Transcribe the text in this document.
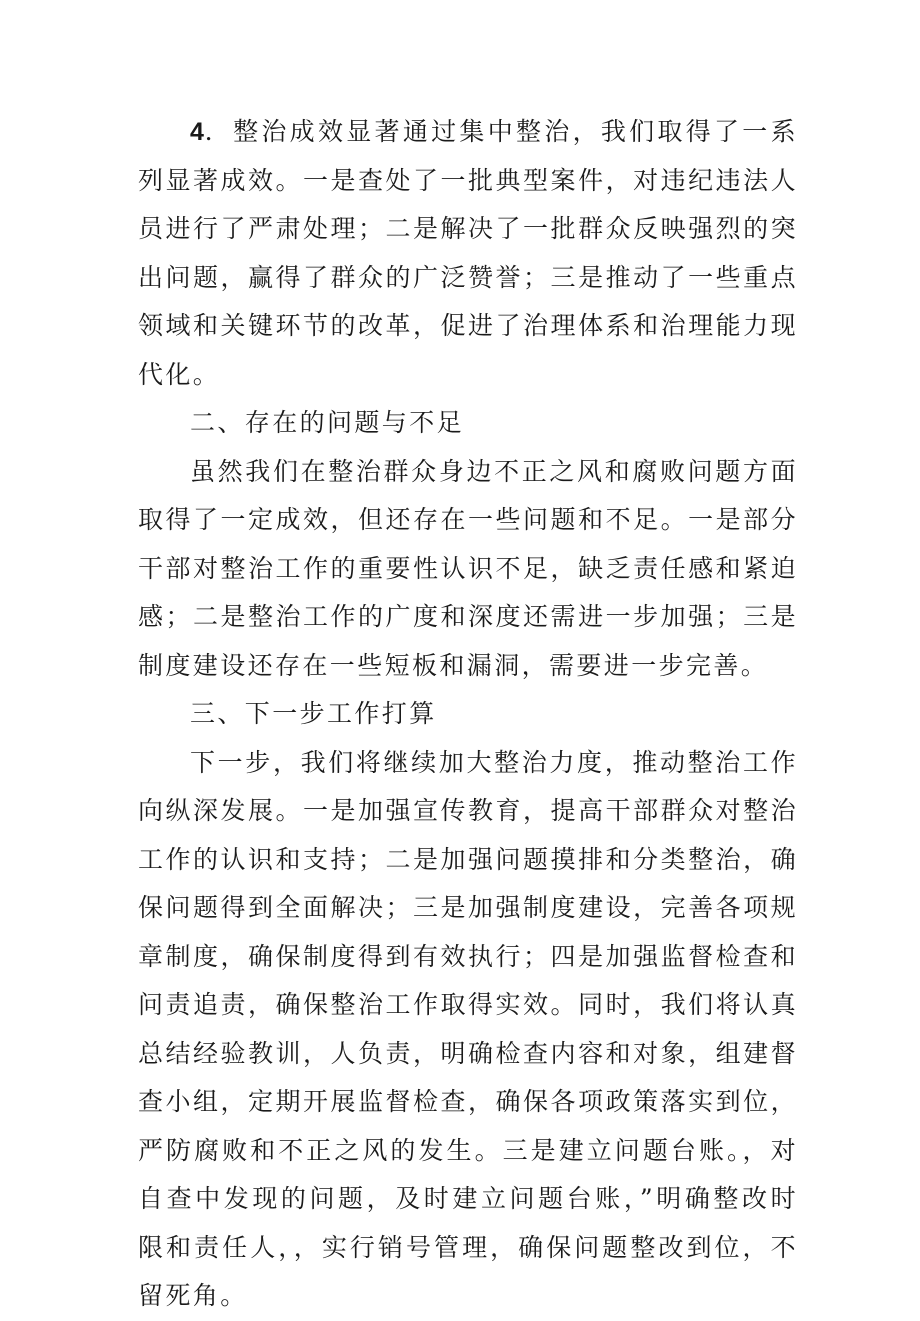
4．整治成效显著通过集中整治，我们取得了一系列显著成效。一是查处了一批典型案件，对违纪违法人员进行了严肃处理；二是解决了一批群众反映强烈的突出问题，赢得了群众的广泛赞誉；三是推动了一些重点领域和关键环节的改革，促进了治理体系和治理能力现代化。

二、存在的问题与不足

虽然我们在整治群众身边不正之风和腐败问题方面取得了一定成效，但还存在一些问题和不足。一是部分干部对整治工作的重要性认识不足，缺乏责任感和紧迫感；二是整治工作的广度和深度还需进一步加强；三是制度建设还存在一些短板和漏洞，需要进一步完善。

三、下一步工作打算

下一步，我们将继续加大整治力度，推动整治工作向纵深发展。一是加强宣传教育，提高干部群众对整治工作的认识和支持；二是加强问题摸排和分类整治，确保问题得到全面解决；三是加强制度建设，完善各项规章制度，确保制度得到有效执行；四是加强监督检查和问责追责，确保整治工作取得实效。同时，我们将认真总结经验教训，人负责，明确检查内容和对象，组建督查小组，定期开展监督检查，确保各项政策落实到位，严防腐败和不正之风的发生。三是建立问题台账。，对自查中发现的问题，及时建立问题台账，”明确整改时限和责任人，，实行销号管理，确保问题整改到位，不留死角。
